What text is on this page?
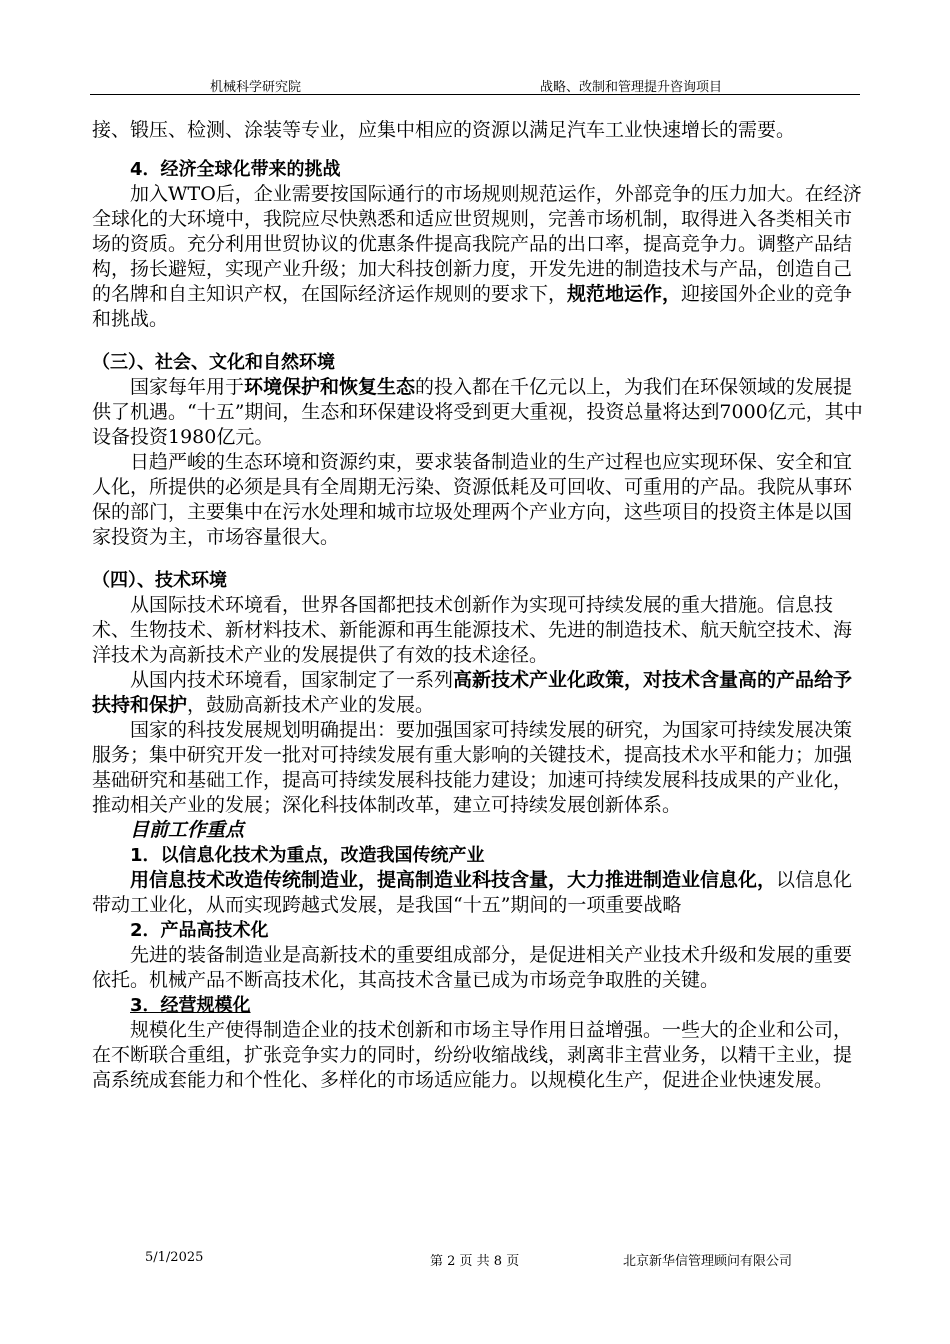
机械科学研究院	战略、改制和管理提升咨询项目

接、锻压、检测、涂装等专业，应集中相应的资源以满足汽车工业快速增长的需要。

4．经济全球化带来的挑战

加入WTO后，企业需要按国际通行的市场规则规范运作，外部竞争的压力加大。在经济全球化的大环境中，我院应尽快熟悉和适应世贸规则，完善市场机制，取得进入各类相关市场的资质。充分利用世贸协议的优惠条件提高我院产品的出口率，提高竞争力。调整产品结构，扬长避短，实现产业升级；加大科技创新力度，开发先进的制造技术与产品，创造自己的名牌和自主知识产权，在国际经济运作规则的要求下，规范地运作，迎接国外企业的竞争和挑战。

（三）、社会、文化和自然环境

国家每年用于环境保护和恢复生态的投入都在千亿元以上，为我们在环保领域的发展提供了机遇。“十五”期间，生态和环保建设将受到更大重视，投资总量将达到7000亿元，其中设备投资1980亿元。

日趋严峻的生态环境和资源约束，要求装备制造业的生产过程也应实现环保、安全和宜人化，所提供的必须是具有全周期无污染、资源低耗及可回收、可重用的产品。我院从事环保的部门，主要集中在污水处理和城市垃圾处理两个产业方向，这些项目的投资主体是以国家投资为主，市场容量很大。

（四）、技术环境

从国际技术环境看，世界各国都把技术创新作为实现可持续发展的重大措施。信息技术、生物技术、新材料技术、新能源和再生能源技术、先进的制造技术、航天航空技术、海洋技术为高新技术产业的发展提供了有效的技术途径。

从国内技术环境看，国家制定了一系列高新技术产业化政策，对技术含量高的产品给予扶持和保护，鼓励高新技术产业的发展。

国家的科技发展规划明确提出：要加强国家可持续发展的研究，为国家可持续发展决策服务；集中研究开发一批对可持续发展有重大影响的关键技术，提高技术水平和能力；加强基础研究和基础工作，提高可持续发展科技能力建设；加速可持续发展科技成果的产业化，推动相关产业的发展；深化科技体制改革，建立可持续发展创新体系。

目前工作重点

1．以信息化技术为重点，改造我国传统产业

用信息技术改造传统制造业，提高制造业科技含量，大力推进制造业信息化，以信息化带动工业化，从而实现跨越式发展，是我国“十五”期间的一项重要战略

2．产品高技术化

先进的装备制造业是高新技术的重要组成部分，是促进相关产业技术升级和发展的重要依托。机械产品不断高技术化，其高技术含量已成为市场竞争取胜的关键。

3．经营规模化

规模化生产使得制造企业的技术创新和市场主导作用日益增强。一些大的企业和公司，在不断联合重组，扩张竞争实力的同时，纷纷收缩战线，剥离非主营业务，以精干主业，提高系统成套能力和个性化、多样化的市场适应能力。以规模化生产，促进企业快速发展。

5/1/2025	第 2 页 共 8 页	北京新华信管理顾问有限公司
